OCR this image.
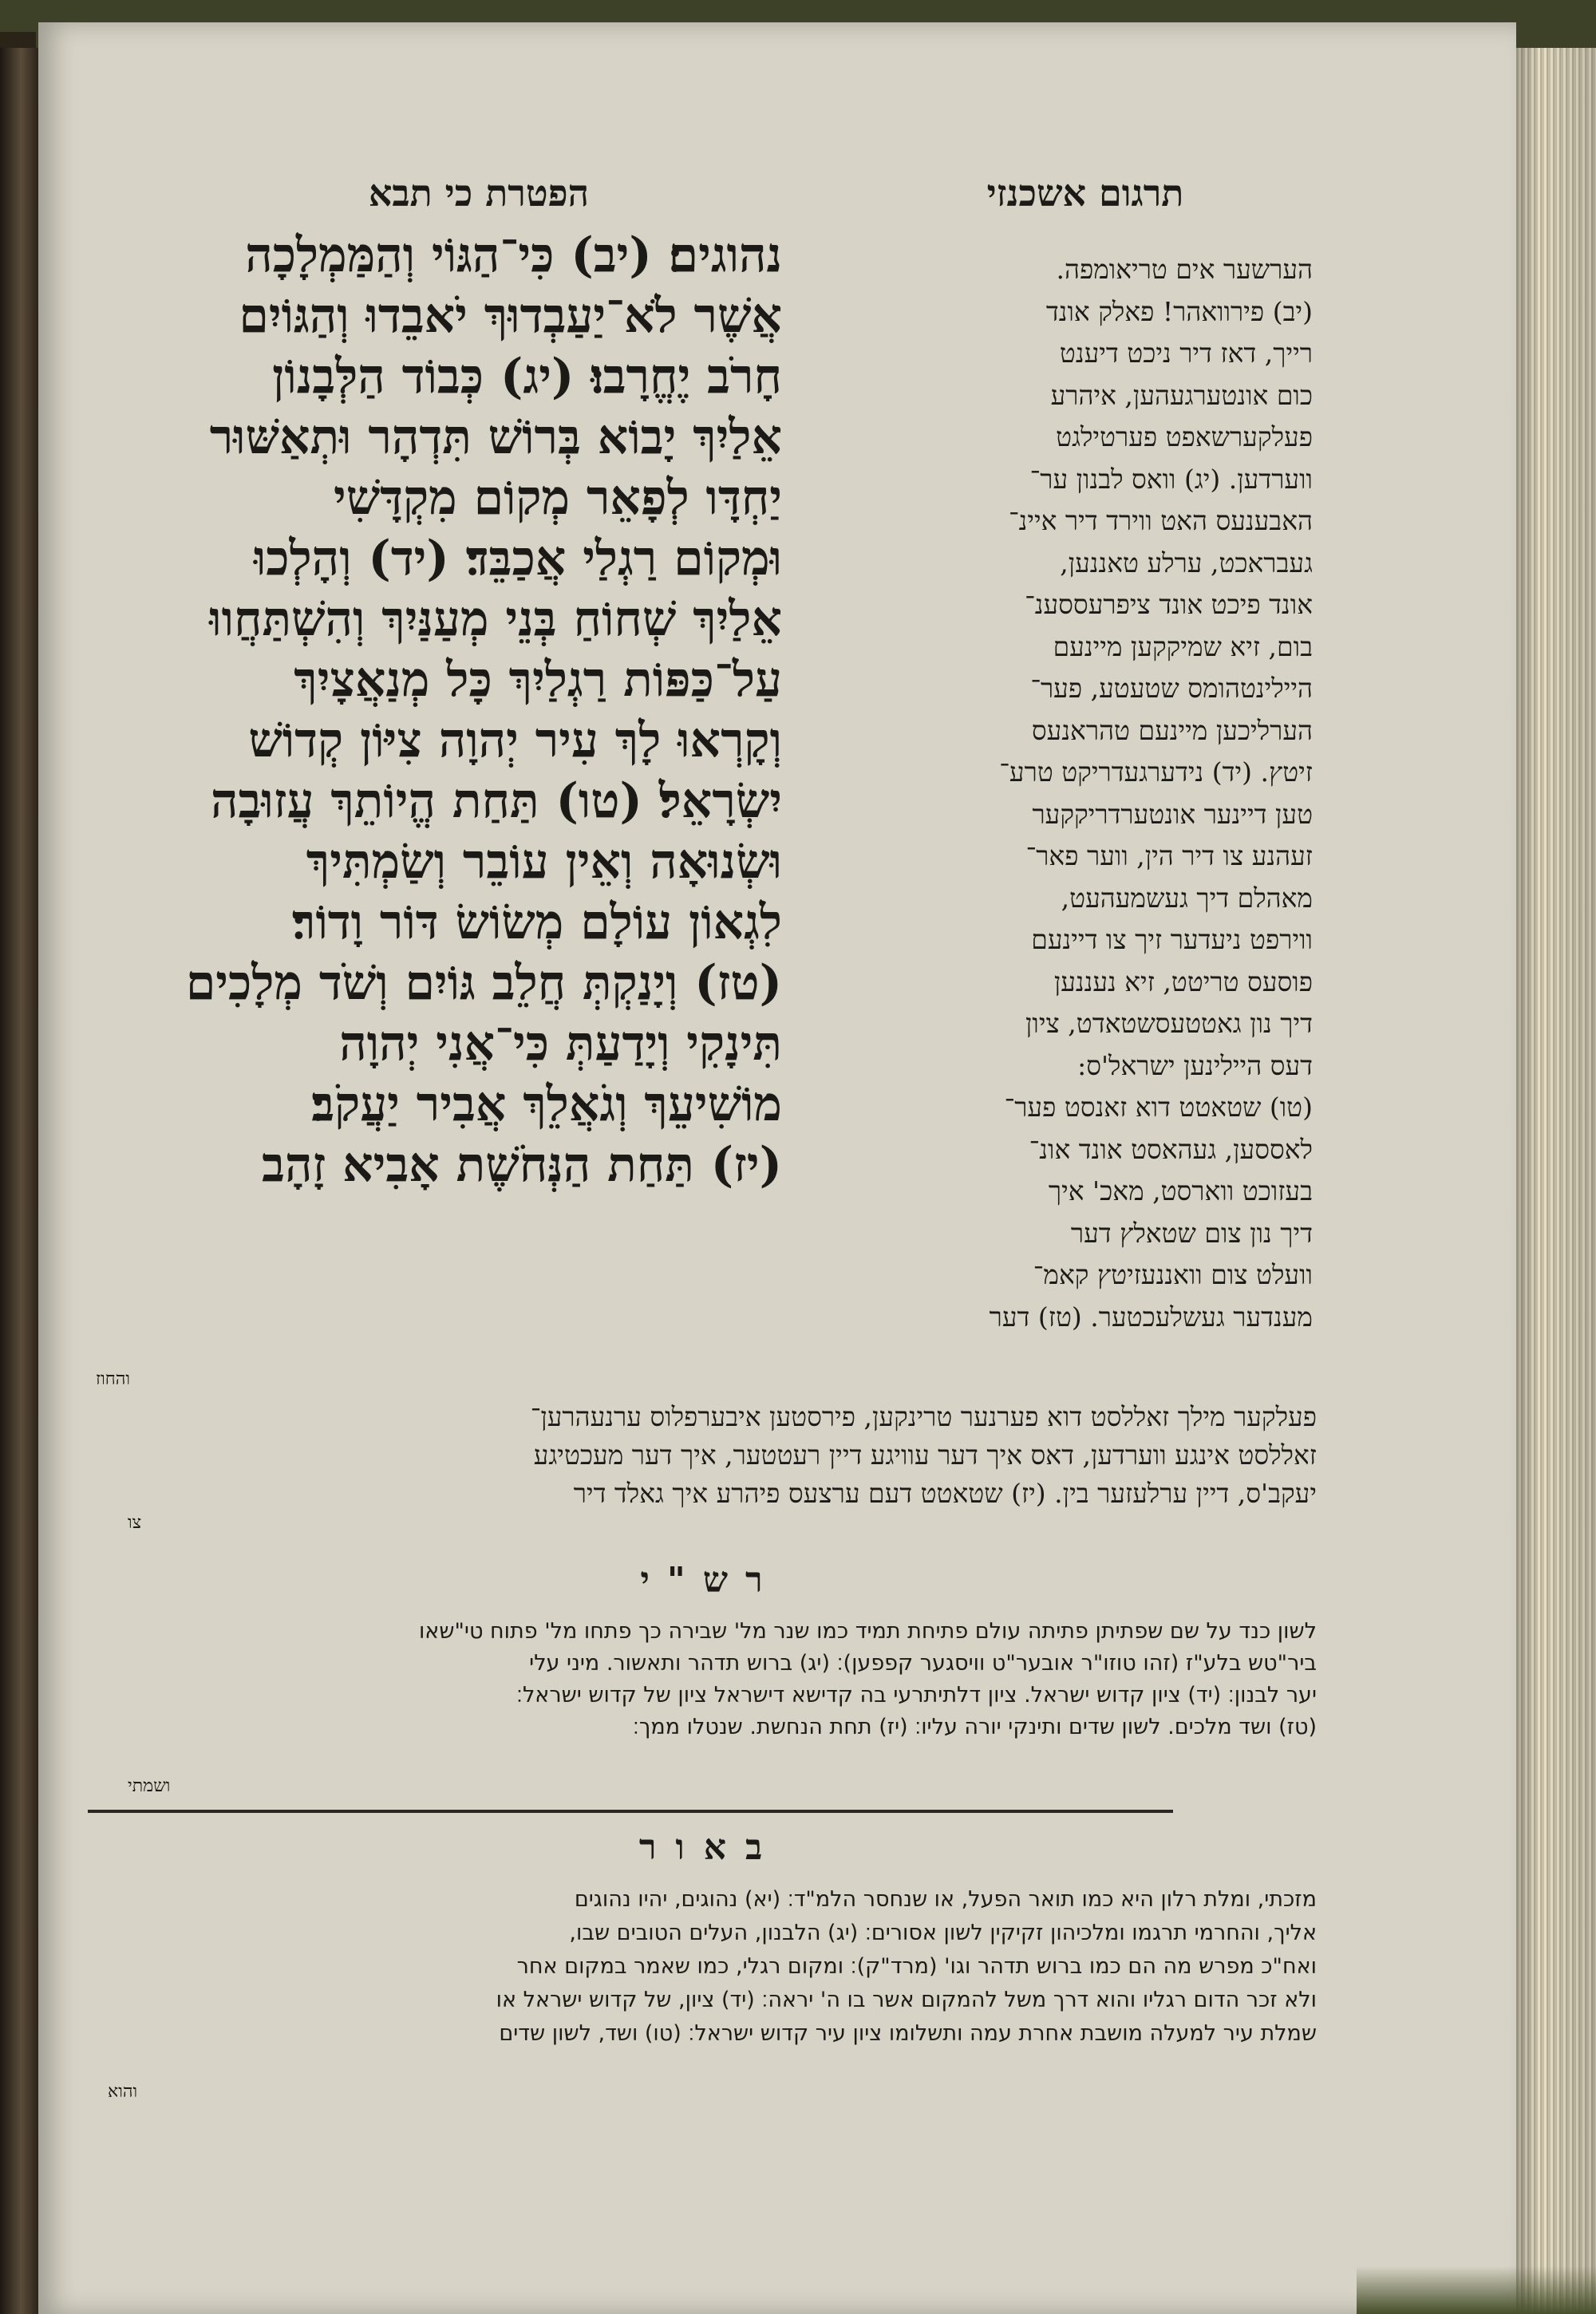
הפטרת כי תבא	תרגום אשכנזי

נהוגים׃ (יב) כִּי־הַגּוֹי וְהַמַּמְלָכָה

אֲשֶׁר לֹא־יַעַבְדוּךְ יֹאבֵדוּ וְהַגּוֹיִם

חָרֹב יֶחֱרָבוּ׃ (יג) כְּבוֹד הַלְּבָנוֹן

אֵלַיִךְ יָבוֹא בְּרוֹשׁ תִּדְהָר וּתְאַשּׁוּר

יַחְדָּו לְפָאֵר מְקוֹם מִקְדָּשִׁי

וּמְקוֹם רַגְלַי אֲכַבֵּד׃ (יד) וְהָלְכוּ

אֵלַיִךְ שְׁחוֹחַ בְּנֵי מְעַנַּיִךְ וְהִשְׁתַּחֲווּ

עַל־כַּפּוֹת רַגְלַיִךְ כָּל מְנַאֲצָיִךְ

וְקָרְאוּ לָךְ עִיר יְהוָה צִיּוֹן קְדוֹשׁ

יִשְׂרָאֵל׃ (טו) תַּחַת הֱיוֹתֵךְ עֲזוּבָה

וּשְׂנוּאָה וְאֵין עוֹבֵר וְשַׂמְתִּיךְ

לִגְאוֹן עוֹלָם מְשׂוֹשׂ דּוֹר וָדוֹר׃

(טז) וְיָנַקְתְּ חֲלֵב גּוֹיִם וְשֹׁד מְלָכִים

תִּינָקִי וְיָדַעַתְּ כִּי־אֲנִי יְהוָה

מוֹשִׁיעֵךְ וְגֹאֲלֵךְ אֲבִיר יַעֲקֹב׃

(יז) תַּחַת הַנְּחֹשֶׁת אָבִיא זָהָב

והחוז

הערשער אים טריאומפה.

(יב) פירוואהר! פאלק אונד

רייך, דאז דיר ניכט דיענט

כום אונטערגעהען, איהרע

פעלקערשאפט פערטילגט

ווערדען. (יג) וואס לבנון ער־

האבענעס האט ווירד דיר איינ־

געבראכט, ערלע טאננען,

אונד פיכט אונד ציפרעססענ־

בום, זיא שמיקקען מיינעם

היילינטהומס שטעטע, פער־

הערליכען מיינעם טהראנעס

זיטץ. (יד) נידערגעדריקט טרע־

טען דיינער אונטערדריקקער

זעהנע צו דיר הין, ווער פאר־

מאהלם דיך געשמעהעט,

ווירפט ניעדער זיך צו דיינעם

פוסעס טריטט, זיא נעננען

דיך נון גאטטעסשטאדט, ציון

דעס היילינען ישראל'ס:

(טו) שטאטט דוא זאנסט פער־

לאססען, געהאסט אונד אונ־

בעזוכט ווארסט, מאכ' איך

דיך נון צום שטאלץ דער

וועלט צום וואננעזיטץ קאמ־

מענדער געשלעכטער. (טז) דער

פעלקער מילך זאללסט דוא פערנער טרינקען, פירסטען איבערפלוס ערנעהרען־

זאללסט אינגע ווערדען, דאס איך דער עוויגע דיין רעטטער, איך דער מעכטיגע

יעקב'ס, דיין ערלעזער בין. (יז) שטאטט דעם ערצעס פיהרע איך גאלד דיר

צו
רש"י

לשון כנד על שם שפתיתן פתיתה עולם פתיחת תמיד כמו שנר מל' שבירה כך פתחו מל' פתוח טי"שאו

ביר"טש בלע"ז (זהו טוזו"ר אובער"ט וויסגער קפפען)׃ (יג) ברוש תדהר ותאשור. מיני עלי

יער לבנון׃ (יד) ציון קדוש ישראל. ציון דלתיתרעי בה קדישא דישראל ציון של קדוש ישראל׃

(טז) ושד מלכים. לשון שדים ותינקי יורה עליו׃ (יז) תחת הנחשת. שנטלו ממך׃

ושמתי
באור

מזכתי, ומלת רלון היא כמו תואר הפעל, או שנחסר הלמ"ד׃ (יא) נהוגים, יהיו נהוגים

אליך, והחרמי תרגמו ומלכיהון זקיקין לשון אסורים׃ (יג) הלבנון, העלים הטובים שבו,

ואח"כ מפרש מה הם כמו ברוש תדהר וגו' (מרד"ק)׃ ומקום רגלי, כמו שאמר במקום אחר

ולא זכר הדום רגליו והוא דרך משל להמקום אשר בו ה' יראה׃ (יד) ציון, של קדוש ישראל או

שמלת עיר למעלה מושבת אחרת עמה ותשלומו ציון עיר קדוש ישראל׃ (טו) ושד, לשון שדים

והוא
